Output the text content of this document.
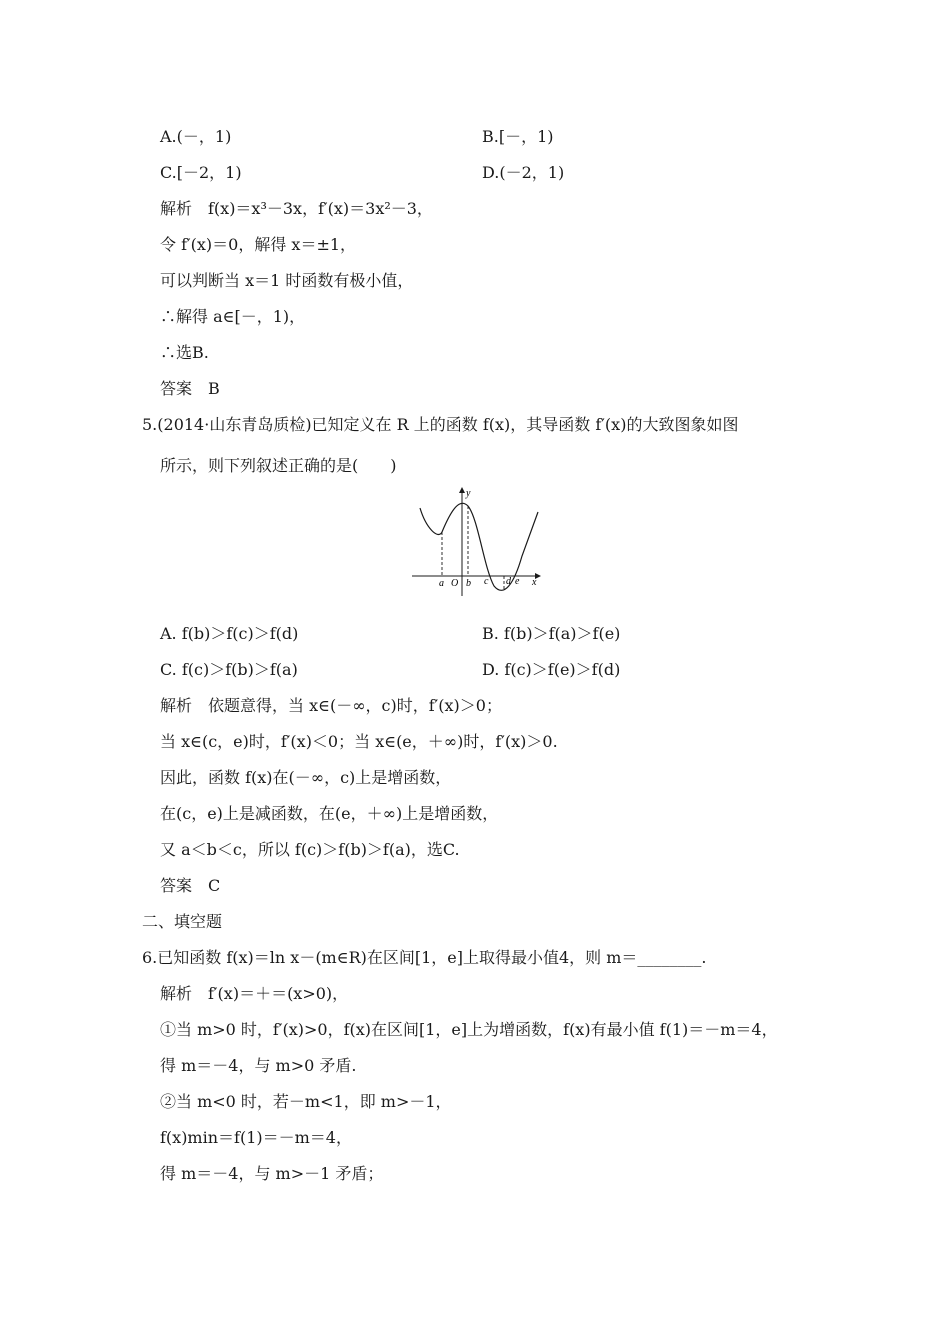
A.(－，1)	B.[－，1)
C.[－2，1)	D.(－2，1)
解析　f(x)＝x³－3x，f′(x)＝3x²－3，
令 f′(x)＝0，解得 x＝±1，
可以判断当 x＝1 时函数有极小值，
∴解得 a∈[－，1)，
∴选B.
答案　B
5.(2014·山东青岛质检)已知定义在 R 上的函数 f(x)，其导函数 f′(x)的大致图象如图
所示，则下列叙述正确的是(　　)
y
x
O
a b c d e
A. f(b)＞f(c)＞f(d)	B. f(b)＞f(a)＞f(e)
C. f(c)＞f(b)＞f(a)	D. f(c)＞f(e)＞f(d)
解析　依题意得，当 x∈(－∞，c)时，f′(x)＞0；
当 x∈(c，e)时，f′(x)＜0；当 x∈(e，＋∞)时，f′(x)＞0.
因此，函数 f(x)在(－∞，c)上是增函数，
在(c，e)上是减函数，在(e，＋∞)上是增函数，
又 a＜b＜c，所以 f(c)＞f(b)＞f(a)，选C.
答案　C
二、填空题
6.已知函数 f(x)＝ln x－(m∈R)在区间[1，e]上取得最小值4，则 m＝________.
解析　f′(x)＝＋＝(x>0)，
①当 m>0 时，f′(x)>0，f(x)在区间[1，e]上为增函数，f(x)有最小值 f(1)＝－m＝4，
得 m＝－4，与 m>0 矛盾.
②当 m<0 时，若－m<1，即 m>－1，
f(x)min＝f(1)＝－m＝4，
得 m＝－4，与 m>－1 矛盾；
